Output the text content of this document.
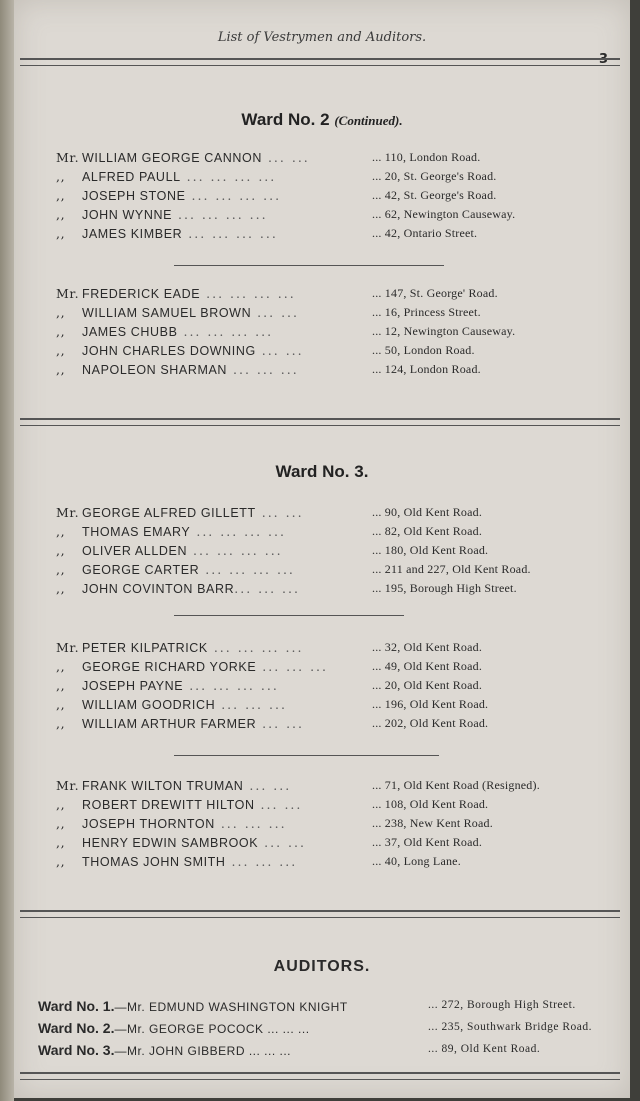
List of Vestrymen and Auditors.
3
Ward No. 2 (Continued).
Mr. WILLIAM GEORGE CANNON ... ...	... 110, London Road.
,, ALFRED PAULL ... ... ... ...	... 20, St. George's Road.
,, JOSEPH STONE ... ... ... ...	... 42, St. George's Road.
,, JOHN WYNNE ... ... ... ...	... 62, Newington Causeway.
,, JAMES KIMBER ... ... ... ...	... 42, Ontario Street.
Mr. FREDERICK EADE ... ... ... ...	... 147, St. George' Road.
,, WILLIAM SAMUEL BROWN ... ...	... 16, Princess Street.
,, JAMES CHUBB ... ... ... ...	... 12, Newington Causeway.
,, JOHN CHARLES DOWNING ... ...	... 50, London Road.
,, NAPOLEON SHARMAN ... ... ...	... 124, London Road.
Ward No. 3.
Mr. GEORGE ALFRED GILLETT ... ...	... 90, Old Kent Road.
,, THOMAS EMARY ... ... ... ...	... 82, Old Kent Road.
,, OLIVER ALLDEN ... ... ... ...	... 180, Old Kent Road.
,, GEORGE CARTER ... ... ... ...	... 211 and 227, Old Kent Road.
,, JOHN COVINTON BARR... ... ...	... 195, Borough High Street.
Mr. PETER KILPATRICK ... ... ... ...	... 32, Old Kent Road.
,, GEORGE RICHARD YORKE ... ... ...	... 49, Old Kent Road.
,, JOSEPH PAYNE ... ... ... ...	... 20, Old Kent Road.
,, WILLIAM GOODRICH ... ... ...	... 196, Old Kent Road.
,, WILLIAM ARTHUR FARMER ... ...	... 202, Old Kent Road.
Mr. FRANK WILTON TRUMAN ... ...	... 71, Old Kent Road (Resigned).
,, ROBERT DREWITT HILTON ... ...	... 108, Old Kent Road.
,, JOSEPH THORNTON ... ... ...	... 238, New Kent Road.
,, HENRY EDWIN SAMBROOK ... ...	... 37, Old Kent Road.
,, THOMAS JOHN SMITH ... ... ...	... 40, Long Lane.
AUDITORS.
Ward No. 1.—Mr. EDMUND WASHINGTON KNIGHT	... 272, Borough High Street.
Ward No. 2.—Mr. GEORGE POCOCK ... ... ...	... 235, Southwark Bridge Road.
Ward No. 3.—Mr. JOHN GIBBERD ... ... ...	... 89, Old Kent Road.
